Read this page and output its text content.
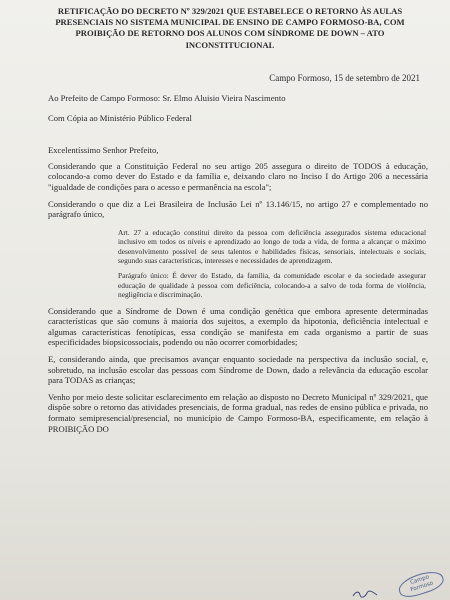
RETIFICAÇÃO DO DECRETO Nº 329/2021 QUE ESTABELECE O RETORNO ÀS AULAS PRESENCIAIS NO SISTEMA MUNICIPAL DE ENSINO DE CAMPO FORMOSO-BA, COM PROIBIÇÃO DE RETORNO DOS ALUNOS COM SÍNDROME DE DOWN – ATO INCONSTITUCIONAL
Campo Formoso, 15 de setembro de 2021
Ao Prefeito de Campo Formoso: Sr. Elmo Aluisio Vieira Nascimento
Com Cópia ao Ministério Público Federal
Excelentíssimo Senhor Prefeito,

Considerando que a Constituição Federal no seu artigo 205 assegura o direito de TODOS à educação, colocando-a como dever do Estado e da família e, deixando claro no Inciso I do Artigo 206 a necessária "igualdade de condições para o acesso e permanência na escola";

Considerando o que diz a Lei Brasileira de Inclusão Lei nº 13.146/15, no artigo 27 e complementado no parágrafo único,

Art. 27 a educação constitui direito da pessoa com deficiência assegurados sistema educacional inclusivo em todos os níveis e aprendizado ao longo de toda a vida, de forma a alcançar o máximo desenvolvimento possível de seus talentos e habilidades físicas, sensoriais, intelectuais e sociais, segundo suas características, interesses e necessidades de aprendizagem.

Parágrafo único: É dever do Estado, da família, da comunidade escolar e da sociedade assegurar educação de qualidade à pessoa com deficiência, colocando-a a salvo de toda forma de violência, negligência e discriminação.

Considerando que a Síndrome de Down é uma condição genética que embora apresente determinadas características que são comuns à maioria dos sujeitos, a exemplo da hipotonia, deficiência intelectual e algumas características fenotípicas, essa condição se manifesta em cada organismo a partir de suas especificidades biopsicossociais, podendo ou não ocorrer comorbidades;

E, considerando ainda, que precisamos avançar enquanto sociedade na perspectiva da inclusão social, e, sobretudo, na inclusão escolar das pessoas com Síndrome de Down, dado a relevância da educação escolar para TODAS as crianças;

Venho por meio deste solicitar esclarecimento em relação ao disposto no Decreto Municipal nº 329/2021, que dispõe sobre o retorno das atividades presenciais, de forma gradual, nas redes de ensino pública e privada, no formato semipresencial/presencial, no município de Campo Formoso-BA, especificamente, em relação à PROIBIÇÃO DO

Campo Formoso
